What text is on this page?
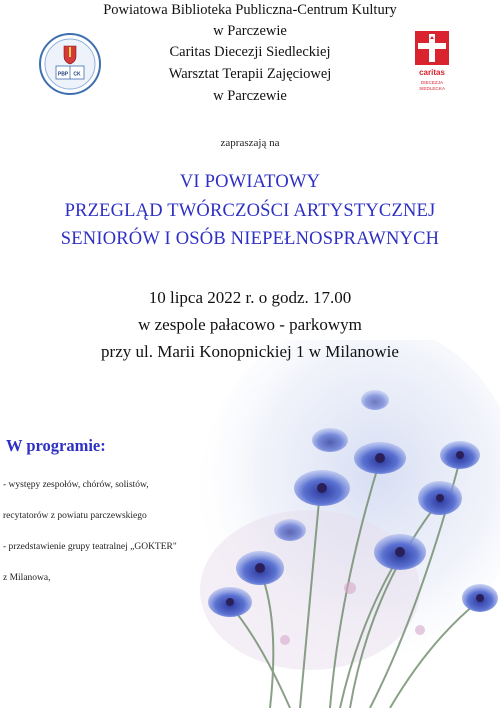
Powiatowa Biblioteka Publiczna-Centrum Kultury
w Parczewie
Caritas Diecezji Siedleckiej
Warsztat Terapii Zajęciowej
w Parczewie
PBP CK	caritas
DIECEZJA
SIEDLECKA
zapraszają na
VI POWIATOWY
PRZEGLĄD TWÓRCZOŚCI ARTYSTYCZNEJ
SENIORÓW I OSÓB NIEPEŁNOSPRAWNYCH
10 lipca 2022 r. o godz. 17.00
w zespole pałacowo - parkowym
przy ul. Marii Konopnickiej 1 w Milanowie
W programie:
- występy zespołów, chórów, solistów,
recytatorów z powiatu parczewskiego
- przedstawienie grupy teatralnej „GOKTER"
z Milanowa,
